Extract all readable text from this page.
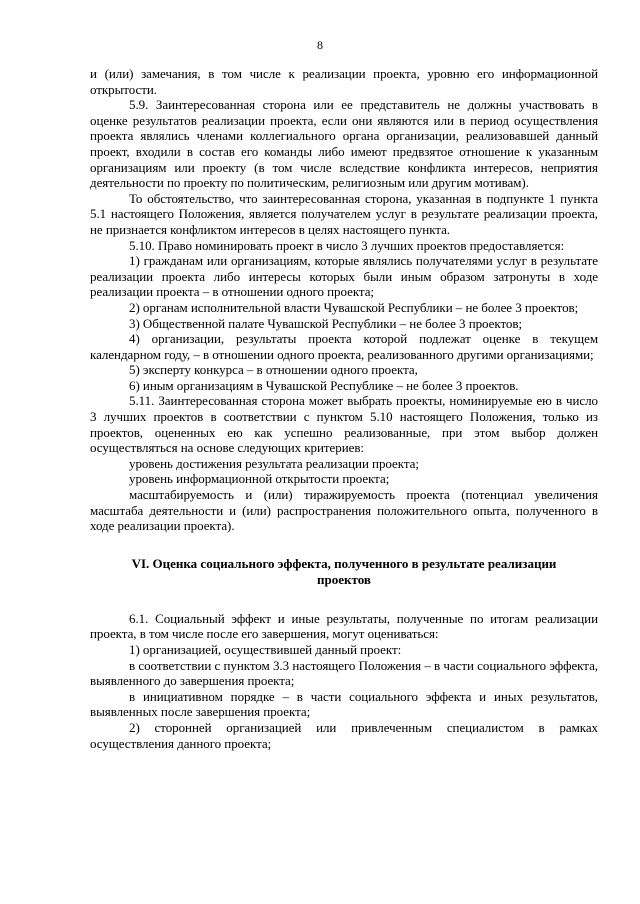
8

и (или) замечания, в том числе к реализации проекта, уровню его информационной открытости.

5.9. Заинтересованная сторона или ее представитель не должны участвовать в оценке результатов реализации проекта, если они являются или в период осуществления проекта являлись членами коллегиального органа организации, реализовавшей данный проект, входили в состав его команды либо имеют предвзятое отношение к указанным организациям или проекту (в том числе вследствие конфликта интересов, неприятия деятельности по проекту по политическим, религиозным или другим мотивам).

То обстоятельство, что заинтересованная сторона, указанная в подпункте 1 пункта 5.1 настоящего Положения, является получателем услуг в результате реализации проекта, не признается конфликтом интересов в целях настоящего пункта.

5.10. Право номинировать проект в число 3 лучших проектов предоставляется:

1) гражданам или организациям, которые являлись получателями услуг в результате реализации проекта либо интересы которых были иным образом затронуты в ходе реализации проекта – в отношении одного проекта;

2) органам исполнительной власти Чувашской Республики – не более 3 проектов;

3) Общественной палате Чувашской Республики – не более 3 проектов;

4) организации, результаты проекта которой подлежат оценке в текущем календарном году, – в отношении одного проекта, реализованного другими организациями;

5) эксперту конкурса – в отношении одного проекта,

6) иным организациям в Чувашской Республике – не более 3 проектов.

5.11. Заинтересованная сторона может выбрать проекты, номинируемые ею в число 3 лучших проектов в соответствии с пунктом 5.10 настоящего Положения, только из проектов, оцененных ею как успешно реализованные, при этом выбор должен осуществляться на основе следующих критериев:

уровень достижения результата реализации проекта;

уровень информационной открытости проекта;

масштабируемость и (или) тиражируемость проекта (потенциал увеличения масштаба деятельности и (или) распространения положительного опыта, полученного в ходе реализации проекта).

VI. Оценка социального эффекта, полученного в результате реализации проектов

6.1. Социальный эффект и иные результаты, полученные по итогам реализации проекта, в том числе после его завершения, могут оцениваться:

1) организацией, осуществившей данный проект:

в соответствии с пунктом 3.3 настоящего Положения – в части социального эффекта, выявленного до завершения проекта;

в инициативном порядке – в части социального эффекта и иных результатов, выявленных после завершения проекта;

2) сторонней организацией или привлеченным специалистом в рамках осуществления данного проекта;
